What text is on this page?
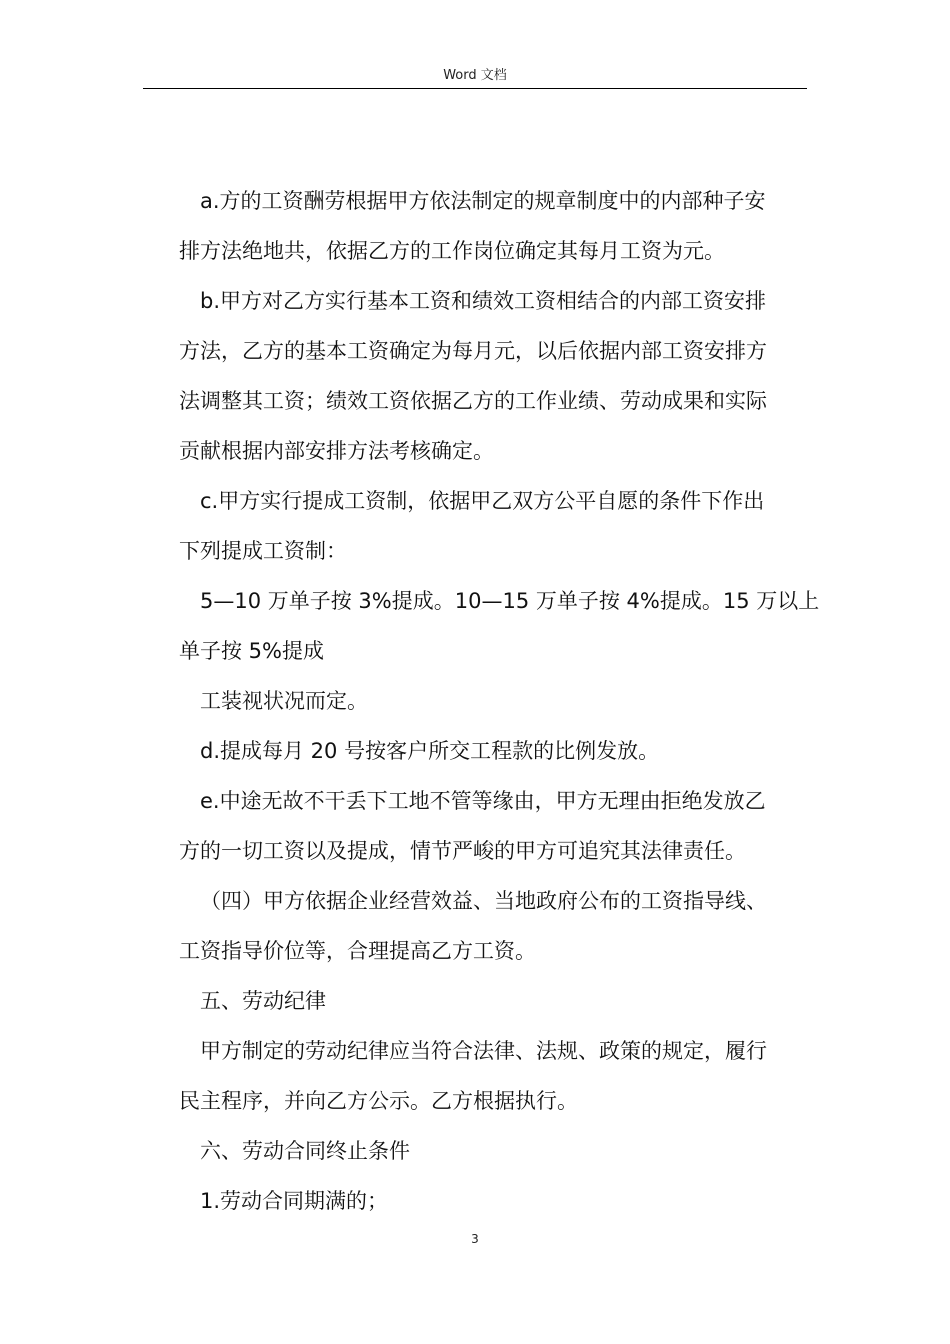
Word 文档
a.方的工资酬劳根据甲方依法制定的规章制度中的内部种子安
排方法绝地共，依据乙方的工作岗位确定其每月工资为元。
b.甲方对乙方实行基本工资和绩效工资相结合的内部工资安排
方法，乙方的基本工资确定为每月元，以后依据内部工资安排方
法调整其工资；绩效工资依据乙方的工作业绩、劳动成果和实际
贡献根据内部安排方法考核确定。
c.甲方实行提成工资制，依据甲乙双方公平自愿的条件下作出
下列提成工资制：
5—10 万单子按 3%提成。10—15 万单子按 4%提成。15 万以上
单子按 5%提成
工装视状况而定。
d.提成每月 20 号按客户所交工程款的比例发放。
e.中途无故不干丢下工地不管等缘由，甲方无理由拒绝发放乙
方的一切工资以及提成，情节严峻的甲方可追究其法律责任。
（四）甲方依据企业经营效益、当地政府公布的工资指导线、
工资指导价位等，合理提高乙方工资。
五、劳动纪律
甲方制定的劳动纪律应当符合法律、法规、政策的规定，履行
民主程序，并向乙方公示。乙方根据执行。
六、劳动合同终止条件
1.劳动合同期满的；
3
